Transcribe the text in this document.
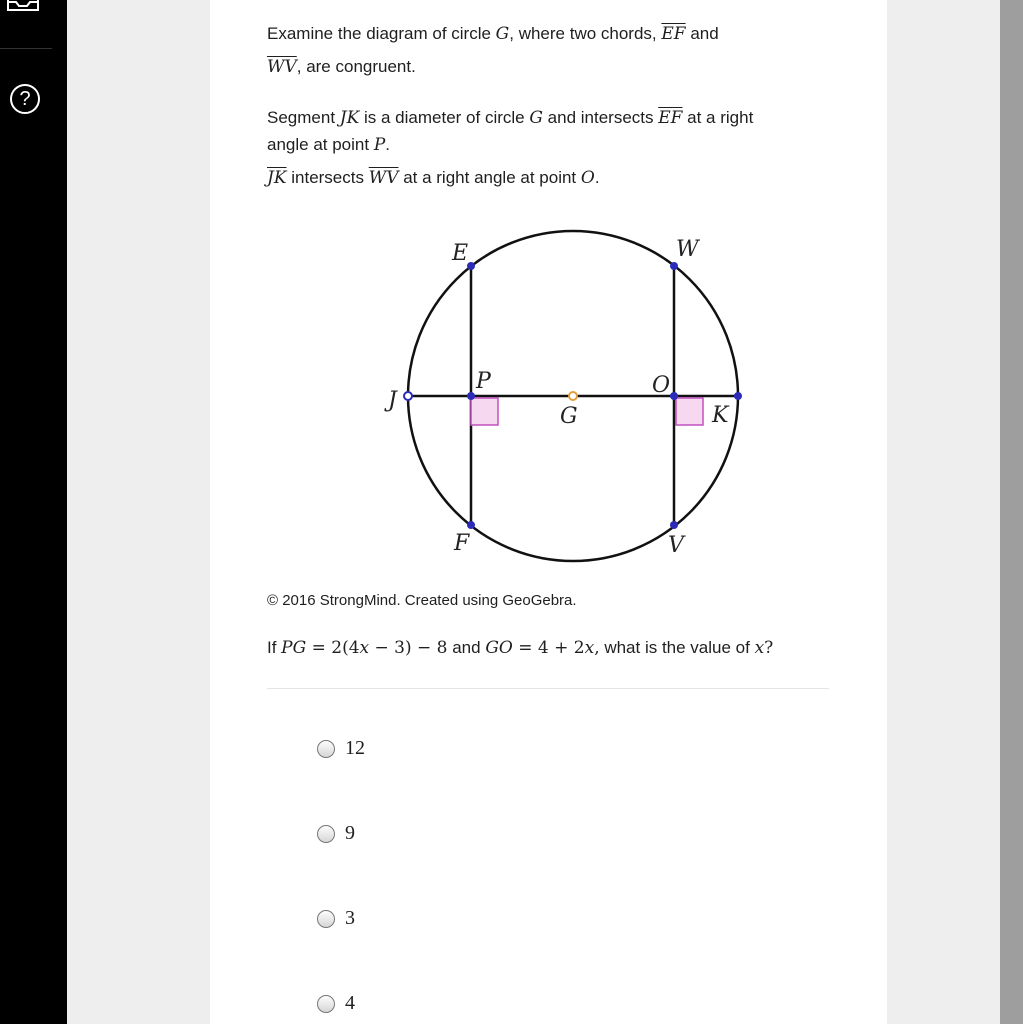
?

Examine the diagram of circle G, where two chords, $\overline{EF}$ and

$\overline{WV}$, are congruent.

Segment JK is a diameter of circle G and intersects $\overline{EF}$ at a right

angle at point P.

$\overline{JK}$ intersects $\overline{WV}$ at a right angle at point O.

E	W
J
P	O
G	K
F	V
© 2016 StrongMind. Created using GeoGebra.

If PG = 2(4x − 3) − 8 and GO = 4 + 2x, what is the value of x?

12
9
3
4
